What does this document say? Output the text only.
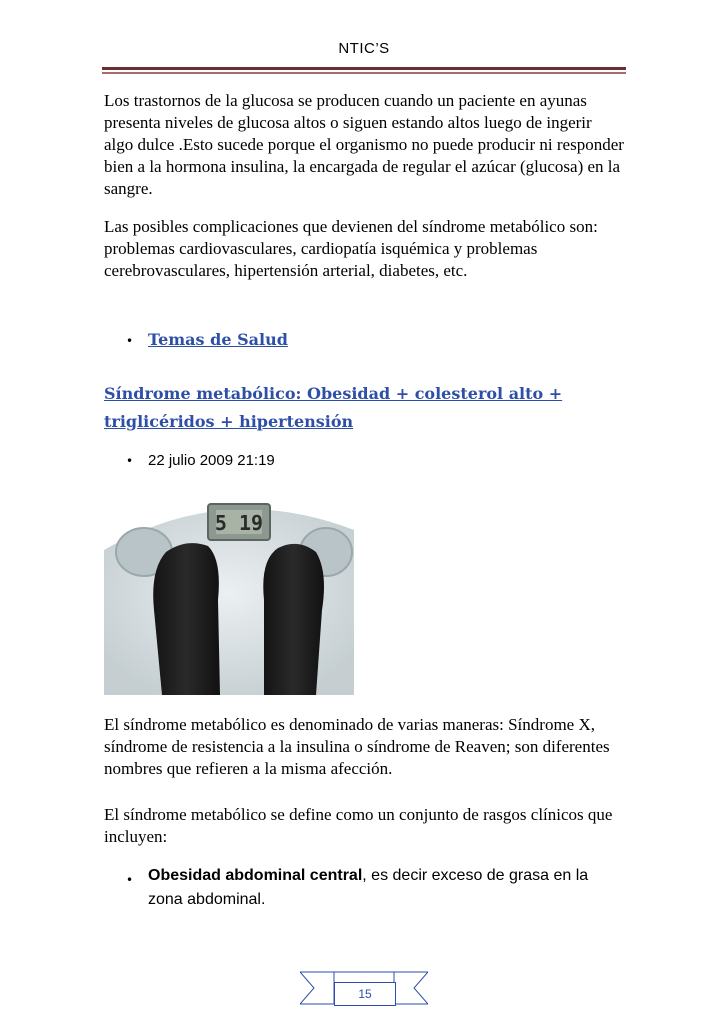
NTIC’S
Los trastornos de la glucosa se producen cuando un paciente en ayunas presenta niveles de glucosa altos o siguen estando altos luego de ingerir algo dulce .Esto sucede porque el organismo no puede producir ni responder bien a la hormona insulina, la encargada de regular el azúcar (glucosa) en la sangre.
Las posibles complicaciones que devienen del síndrome metabólico son: problemas cardiovasculares, cardiopatía isquémica y problemas cerebrovasculares, hipertensión arterial, diabetes, etc.
• Temas de Salud
Síndrome metabólico: Obesidad + colesterol alto + triglicéridos + hipertensión
• 22 julio 2009 21:19
5 19
El síndrome metabólico es denominado de varias maneras: Síndrome X, síndrome de resistencia a la insulina o síndrome de Reaven; son diferentes nombres que refieren a la misma afección.
El síndrome metabólico se define como un conjunto de rasgos clínicos que incluyen:
• Obesidad abdominal central, es decir exceso de grasa en la zona abdominal.
15
